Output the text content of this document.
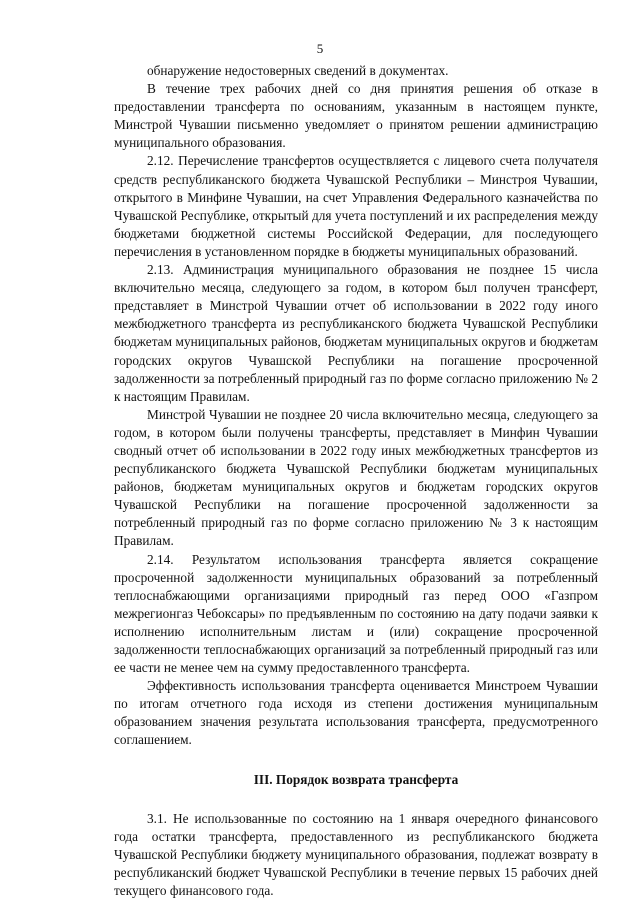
5

обнаружение недостоверных сведений в документах.

В течение трех рабочих дней со дня принятия решения об отказе в предоставлении трансферта по основаниям, указанным в настоящем пункте, Минстрой Чувашии письменно уведомляет о принятом решении администрацию муниципального образования.

2.12. Перечисление трансфертов осуществляется с лицевого счета получателя средств республиканского бюджета Чувашской Республики – Минстроя Чувашии, открытого в Минфине Чувашии, на счет Управления Федерального казначейства по Чувашской Республике, открытый для учета поступлений и их распределения между бюджетами бюджетной системы Российской Федерации, для последующего перечисления в установленном порядке в бюджеты муниципальных образований.

2.13. Администрация муниципального образования не позднее 15 числа включительно месяца, следующего за годом, в котором был получен трансферт, представляет в Минстрой Чувашии отчет об использовании в 2022 году иного межбюджетного трансферта из республиканского бюджета Чувашской Республики бюджетам муниципальных районов, бюджетам муниципальных округов и бюджетам городских округов Чувашской Республики на погашение просроченной задолженности за потребленный природный газ по форме согласно приложению № 2 к настоящим Правилам.

Минстрой Чувашии не позднее 20 числа включительно месяца, следующего за годом, в котором были получены трансферты, представляет в Минфин Чувашии сводный отчет об использовании в 2022 году иных межбюджетных трансфертов из республиканского бюджета Чувашской Республики бюджетам муниципальных районов, бюджетам муниципальных округов и бюджетам городских округов Чувашской Республики на погашение просроченной задолженности за потребленный природный газ по форме согласно приложению № 3 к настоящим Правилам.

2.14. Результатом использования трансферта является сокращение просроченной задолженности муниципальных образований за потребленный теплоснабжающими организациями природный газ перед ООО «Газпром межрегионгаз Чебоксары» по предъявленным по состоянию на дату подачи заявки к исполнению исполнительным листам и (или) сокращение просроченной задолженности теплоснабжающих организаций за потребленный природный газ или ее части не менее чем на сумму предоставленного трансферта.

Эффективность использования трансферта оценивается Минстроем Чувашии по итогам отчетного года исходя из степени достижения муниципальным образованием значения результата использования трансферта, предусмотренного соглашением.

III. Порядок возврата трансферта

3.1. Не использованные по состоянию на 1 января очередного финансового года остатки трансферта, предоставленного из республиканского бюджета Чувашской Республики бюджету муниципального образования, подлежат возврату в республиканский бюджет Чувашской Республики в течение первых 15 рабочих дней текущего финансового года.
